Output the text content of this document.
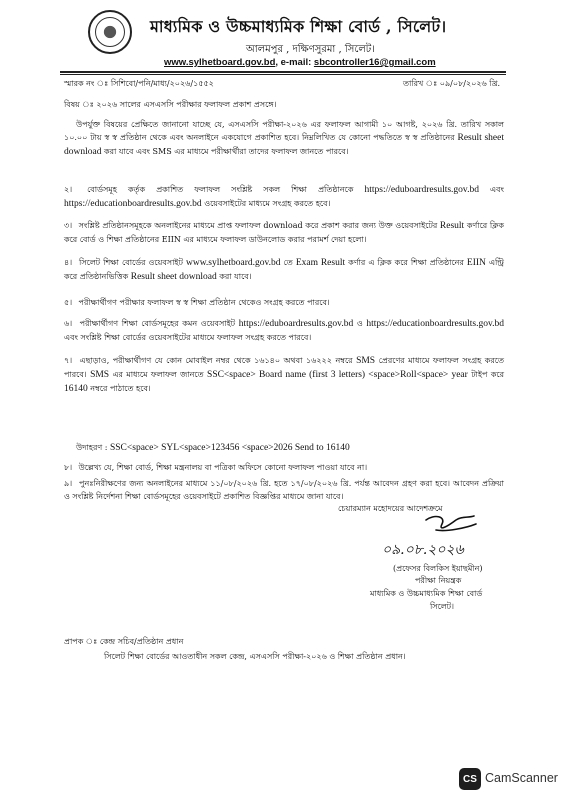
মাধ্যমিক ও উচ্চমাধ্যমিক শিক্ষা বোর্ড , সিলেট।
আলমপুর , দক্ষিণসুরমা , সিলেট।
www.sylhetboard.gov.bd, e-mail: sbcontroller16@gmail.com
স্মারক নং ঃ সিশিবো/পনি/মাধ্য/২০২৬/১৫৫২	তারিখ ঃ ০৯/০৮/২০২৬ খ্রি.
বিষয় ঃ ২০২৬ সালের এসএসসি পরীক্ষার ফলাফল প্রকাশ প্রসঙ্গে।
উপর্যুক্ত বিষয়ের প্রেক্ষিতে জানানো যাচ্ছে যে, এসএসসি পরীক্ষা-২০২৬ এর ফলাফল আগামী ১০ আগষ্ট, ২০২৬ খ্রি. তারিখ সকাল ১০.০০ টায় স্ব স্ব প্রতিষ্ঠান থেকে এবং অনলাইনে একযোগে প্রকাশিত হবে। নিম্নলিখিত যে কোনো পদ্ধতিতে স্ব স্ব প্রতিষ্ঠানের Result sheet download করা যাবে এবং SMS এর মাধ্যমে পরীক্ষার্থীরা তাদের ফলাফল জানতে পারবে।
২। বোর্ডসমূহ কর্তৃক প্রকাশিত ফলাফল সংশ্লিষ্ট সকল শিক্ষা প্রতিষ্ঠানকে https://eduboardresults.gov.bd এবং https://educationboardresults.gov.bd ওয়েবসাইটের মাধ্যমে সংগ্রহ করতে হবে।
৩। সংশ্লিষ্ট প্রতিষ্ঠানসমূহকে অনলাইনের মাধ্যমে প্রাপ্ত ফলাফল download করে প্রকাশ করার জন্য উক্ত ওয়েবসাইটের Result কর্ণারে ক্লিক করে বোর্ড ও শিক্ষা প্রতিষ্ঠানের EIIN এর মাধ্যমে ফলাফল ডাউনলোড করার পরামর্শ দেয়া হলো।
৪। সিলেট শিক্ষা বোর্ডের ওয়েবসাইট www.sylhetboard.gov.bd তে Exam Result কর্ণার এ ক্লিক করে শিক্ষা প্রতিষ্ঠানের EIIN এন্ট্রি করে প্রতিষ্ঠানভিত্তিক Result sheet download করা যাবে।
৫। পরীক্ষার্থীগণ পরীক্ষার ফলাফল স্ব স্ব শিক্ষা প্রতিষ্ঠান থেকেও সংগ্রহ করতে পারবে।
৬। পরীক্ষার্থীগণ শিক্ষা বোর্ডসমূহের কমন ওয়েবসাইট https://eduboardresults.gov.bd ও https://educationboardresults.gov.bd এবং সংশ্লিষ্ট শিক্ষা বোর্ডের ওয়েবসাইটের মাধ্যমে ফলাফল সংগ্রহ করতে পারবে।
৭। এছাড়াও, পরীক্ষার্থীগণ যে কোন মোবাইল নম্বর থেকে ১৬১৪০ অথবা ১৬২২২ নম্বরে SMS প্রেরণের মাধ্যমে ফলাফল সংগ্রহ করতে পারবে। SMS এর মাধ্যমে ফলাফল জানতে SSC<space> Board name (first 3 letters) <space>Roll<space> year টাইপ করে 16140 নম্বরে পাঠাতে হবে।
উদাহরণ : SSC<space> SYL<space>123456 <space>2026 Send to 16140
৮। উল্লেখ্য যে, শিক্ষা বোর্ড, শিক্ষা মন্ত্রনালয় বা পত্রিকা অফিসে কোনো ফলাফল পাওয়া যাবে না।
৯। পুনঃনিরীক্ষণের জন্য অনলাইনের মাধ্যমে ১১/০৮/২০২৬ খ্রি. হতে ১৭/০৮/২০২৬ খ্রি. পর্যন্ত আবেদন গ্রহণ করা হবে। আবেদন প্রক্রিয়া ও সংশ্লিষ্ট নির্দেশনা শিক্ষা বোর্ডসমূহের ওয়েবসাইটে প্রকাশিত বিজ্ঞপ্তির মাধ্যমে জানা যাবে।
চেয়ারম্যান মহোদয়ের আদেশক্রমে
০৯.০৮.২০২৬
(প্রফেসর বিলকিস ইয়াছমীন)
পরীক্ষা নিয়ন্ত্রক
মাধ্যমিক ও উচ্চমাধ্যমিক শিক্ষা বোর্ড
সিলেট।
প্রাপক ঃ কেন্দ্র সচিব/প্রতিষ্ঠান প্রধান
সিলেট শিক্ষা বোর্ডের আওতাধীন সকল কেন্দ্র, এসএসসি পরীক্ষা-২০২৬ ও শিক্ষা প্রতিষ্ঠান প্রধান।
CS CamScanner
